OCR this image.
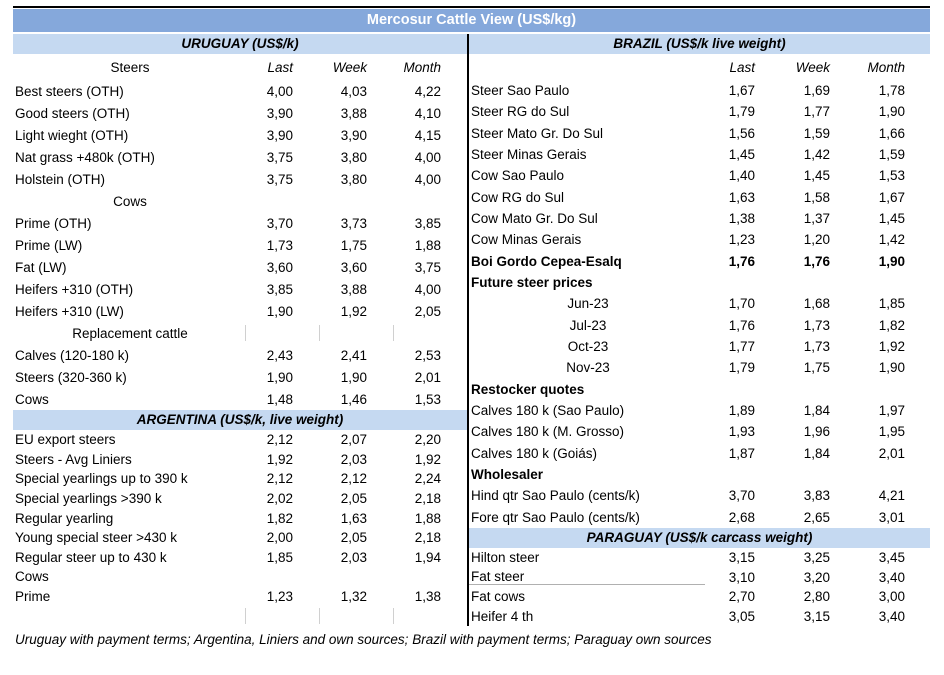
Mercosur Cattle View (US$/kg)
URUGUAY (US$/k)
Steers	Last	Week	Month
Best steers (OTH)	4,00	4,03	4,22
Good steers (OTH)	3,90	3,88	4,10
Light wieght (OTH)	3,90	3,90	4,15
Nat grass +480k (OTH)	3,75	3,80	4,00
Holstein (OTH)	3,75	3,80	4,00
Cows
Prime (OTH)	3,70	3,73	3,85
Prime (LW)	1,73	1,75	1,88
Fat (LW)	3,60	3,60	3,75
Heifers +310 (OTH)	3,85	3,88	4,00
Heifers +310 (LW)	1,90	1,92	2,05
Replacement cattle
Calves (120-180 k)	2,43	2,41	2,53
Steers (320-360 k)	1,90	1,90	2,01
Cows	1,48	1,46	1,53
ARGENTINA (US$/k, live weight)
EU export steers	2,12	2,07	2,20
Steers - Avg Liniers	1,92	2,03	1,92
Special yearlings up to 390 k	2,12	2,12	2,24
Special yearlings >390 k	2,02	2,05	2,18
Regular yearling	1,82	1,63	1,88
Young special steer >430 k	2,00	2,05	2,18
Regular steer up to 430 k	1,85	2,03	1,94
Cows
Prime	1,23	1,32	1,38
BRAZIL (US$/k live weight)
Last	Week	Month
Steer Sao Paulo	1,67	1,69	1,78
Steer RG do Sul	1,79	1,77	1,90
Steer Mato Gr. Do Sul	1,56	1,59	1,66
Steer Minas Gerais	1,45	1,42	1,59
Cow Sao Paulo	1,40	1,45	1,53
Cow RG do Sul	1,63	1,58	1,67
Cow Mato Gr. Do Sul	1,38	1,37	1,45
Cow Minas Gerais	1,23	1,20	1,42
Boi Gordo Cepea-Esalq	1,76	1,76	1,90
Future steer prices
Jun-23	1,70	1,68	1,85
Jul-23	1,76	1,73	1,82
Oct-23	1,77	1,73	1,92
Nov-23	1,79	1,75	1,90
Restocker quotes
Calves 180 k (Sao Paulo)	1,89	1,84	1,97
Calves 180 k (M. Grosso)	1,93	1,96	1,95
Calves 180 k (Goiás)	1,87	1,84	2,01
Wholesaler
Hind qtr Sao Paulo (cents/k)	3,70	3,83	4,21
Fore qtr Sao Paulo (cents/k)	2,68	2,65	3,01
PARAGUAY (US$/k carcass weight)
Hilton steer	3,15	3,25	3,45
Fat steer	3,10	3,20	3,40
Fat cows	2,70	2,80	3,00
Heifer 4 th	3,05	3,15	3,40
Uruguay with payment terms; Argentina, Liniers and own sources; Brazil with payment terms; Paraguay own sources
